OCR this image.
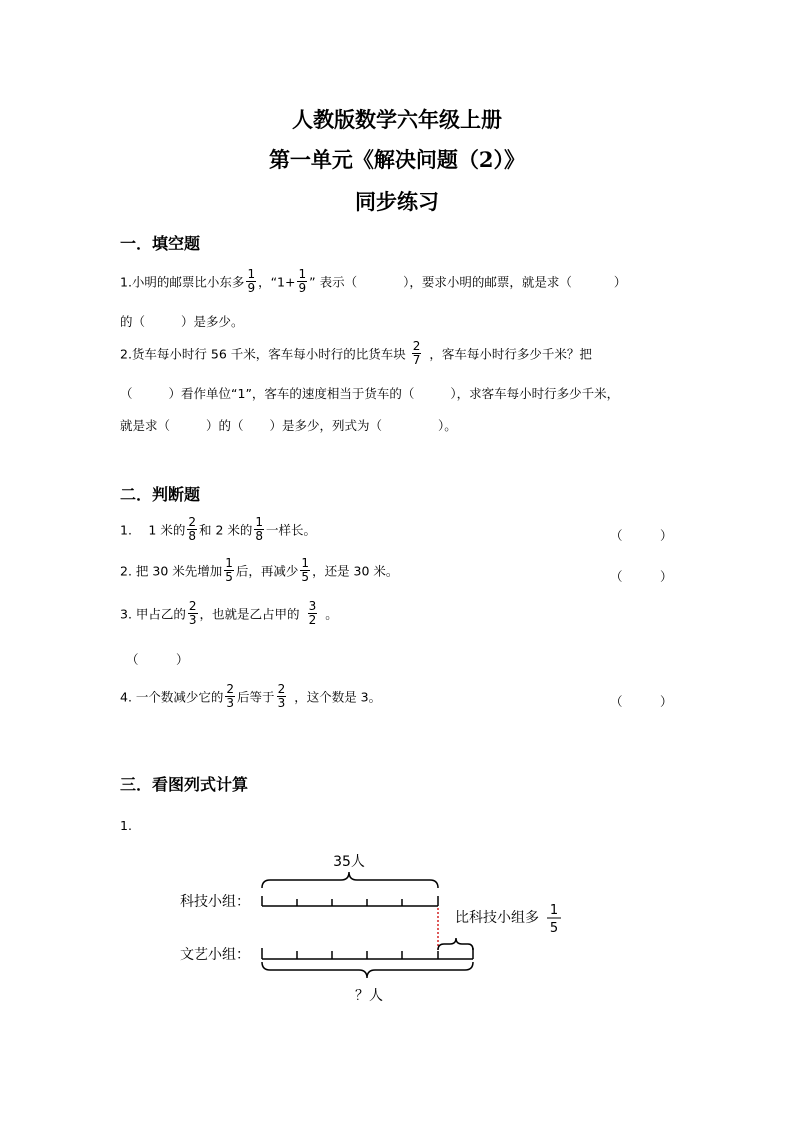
人教版数学六年级上册
第一单元《解决问题（2）》
同步练习
一．填空题
1.小明的邮票比小东多 $\frac{1}{9}$ ，“$1+ \frac{1}{9}$ ” 表示（	），要求小明的邮票，就是求（	）
的（	）是多少。
2.货车每小时行 56 千米，客车每小时行的比货车块 $\frac{2}{7}$ ，客车每小时行多少千米？把
（	）看作单位“1”，客车的速度相当于货车的（	），求客车每小时行多少千米，
就是求（	）的（ ）是多少，列式为（	）。
二．判断题
1.　 1 米的 $\frac{2}{8}$ 和 2 米的 $\frac{1}{8}$ 一样长。	（　　　）
2. 把 30 米先增加 $\frac{1}{5}$ 后，再减少 $\frac{1}{5}$ ，还是 30 米。	（　　　）
3. 甲占乙的 $\frac{2}{3}$ ，也就是乙占甲的 $\frac{3}{2}$ 。
（　　　）
4. 一个数减少它的 $\frac{2}{3}$ 后等于 $\frac{2}{3}$ ，这个数是 3。	（　　　）
三．看图列式计算
1.
35人
科技小组：
比科技小组多 1
5
文艺小组：
？人
